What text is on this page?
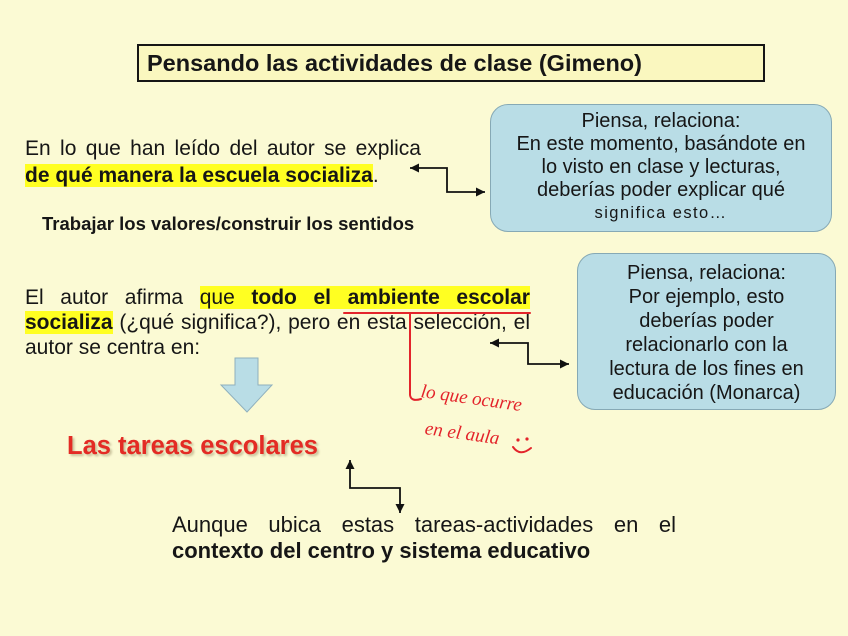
Pensando las actividades de clase (Gimeno)
En lo que han leído del autor se explica
de qué manera la escuela socializa.
Trabajar los valores/construir los sentidos
Piensa, relaciona:
En este momento, basándote en
lo visto en clase y lecturas,
deberías poder explicar qué
significa esto…
El autor afirma que todo el ambiente escolar
socializa (¿qué significa?), pero en esta selección, el
autor se centra en:
Piensa, relaciona:
Por ejemplo, esto
deberías poder
relacionarlo con la
lectura de los fines en
educación (Monarca)
Las tareas escolares
Aunque ubica estas tareas-actividades en el
contexto del centro y sistema educativo
lo que ocurre
en el aula
